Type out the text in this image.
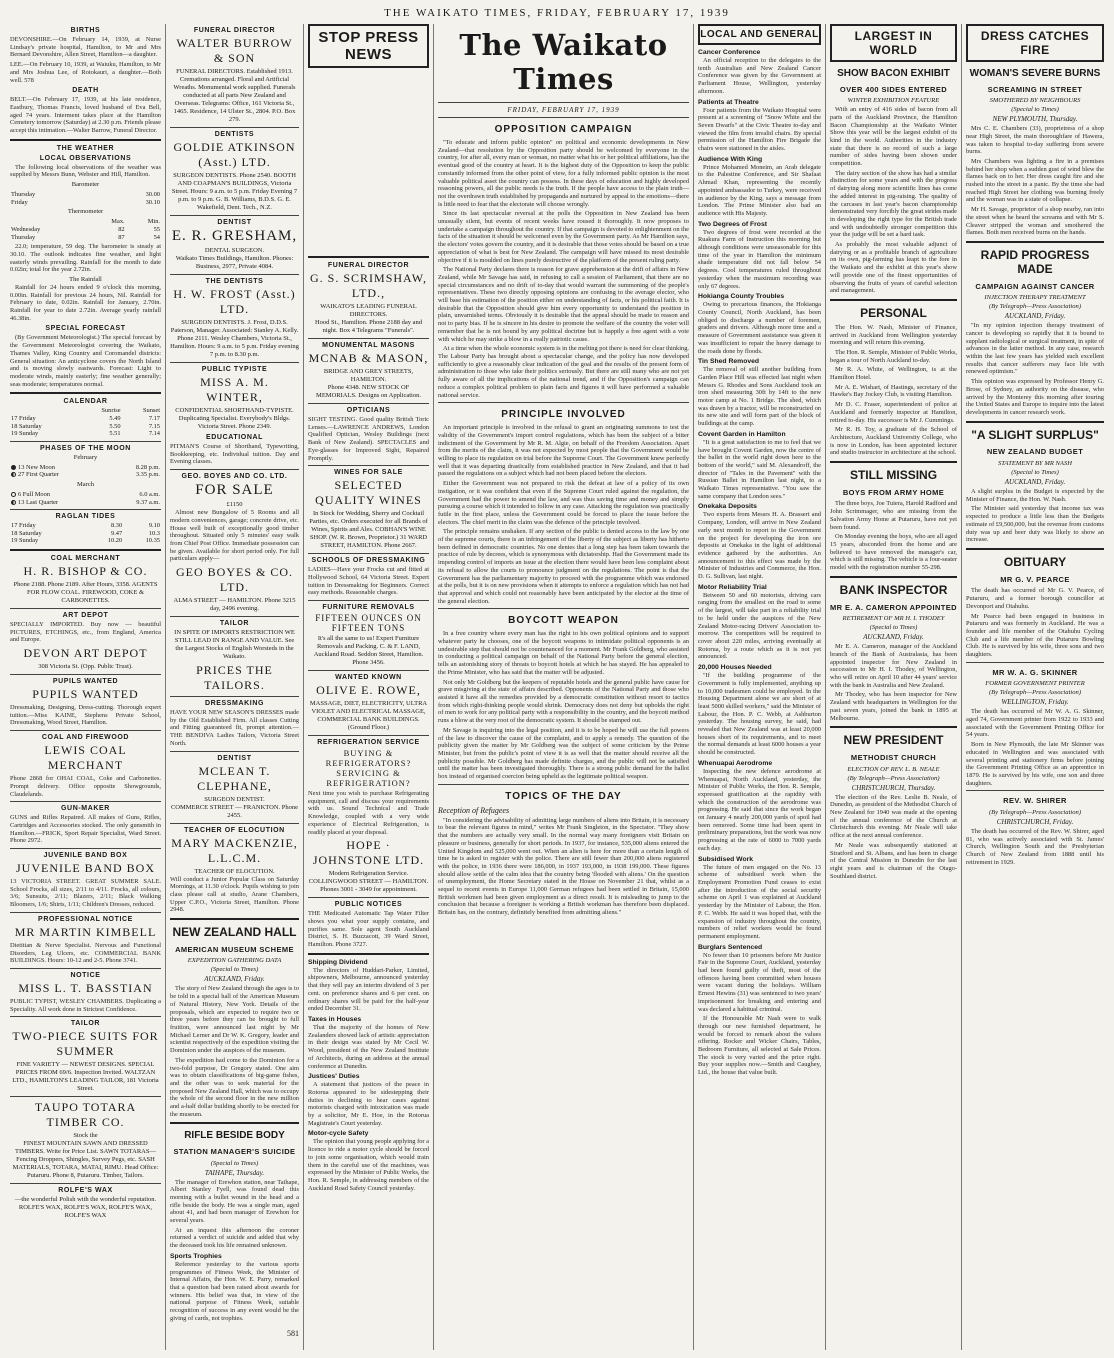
THE WAIKATO TIMES, FRIDAY, FEBRUARY 17, 1939
BIRTHS

DEVONSHIRE.—On February 14, 1939, at Nurse Lindsay's private hospital, Hamilton, to Mr and Mrs Bernard Devonshire, Allen Street, Hamilton—a daughter.

LEE.—On February 10, 1939, at Waiuku, Hamilton, to Mr and Mrs Joshua Lee, of Rotokauri, a daughter.—Both well. 578

DEATH

BELT.—On February 17, 1939, at his late residence, Eastbury, Thomas Francis, loved husband of Eva Bell, aged 74 years. Interment takes place at the Hamilton Cemetery tomorrow (Saturday) at 2.30 p.m. Friends please accept this intimation.—Walter Barrow, Funeral Director.

THE WEATHER
LOCAL OBSERVATIONS

The following local observations of the weather was supplied by Messrs Bunn, Webster and Hill, Hamilton.

Barometer
Thursday	30.00
Friday	30.10
Thermometer
	Max.	Min.
Wednesday	82	55
Thursday	87	54

22.0; temperature, 59 deg. The barometer is steady at 30.10. The outlook indicates fine weather, and light easterly winds prevailing. Rainfall for the month to date 0.02in; total for the year 2.72in.

The Rainfall

Rainfall for 24 hours ended 9 o'clock this morning, 0.00in. Rainfall for previous 24 hours, Nil. Rainfall for February to date, 0.02in. Rainfall for January, 2.70in. Rainfall for year to date 2.72in. Average yearly rainfall 46.38in.

SPECIAL FORECAST

(By Government Meteorologist.) The special forecast by the Government Meteorologist covering the Waikato, Thames Valley, King Country and Coromandel districts: General situation: An anticyclone covers the North Island and is moving slowly eastwards. Forecast: Light to moderate winds, mainly easterly; fine weather generally; seas moderate; temperatures normal.

CALENDAR
	Sunrise	Sunset
17 Friday	5.49	7.17
18 Saturday	5.50	7.15
19 Sunday	5.51	7.14
PHASES OF THE MOON
February
13 New Moon	8.28 p.m.
27 First Quarter	3.35 p.m.
March
6 Full Moon	6.0 a.m.
13 Last Quarter	9.37 a.m.
RAGLAN TIDES
17 Friday	8.30	9.10
18 Saturday	9.47	10.3
19 Sunday	10.20	10.35
COAL MERCHANT
H. R. BISHOP & CO.

Phone 2188. Phone 2189. After Hours, 3358. AGENTS FOR FLOW COAL. FIREWOOD, COKE & CARBONETTES.

ART DEPOT

SPECIALLY IMPORTED. Buy now — beautiful PICTURES, ETCHINGS, etc., from England, America and Europe.

DEVON ART DEPOT
308 Victoria St. (Opp. Public Trust).
PUPILS WANTED
PUPILS WANTED

Dressmaking, Designing, Dress-cutting. Thorough expert tuition.—Miss KAINE, Stephens Private School, Dressmaking, Wood Street, Hamilton.

COAL AND FIREWOOD
LEWIS COAL MERCHANT

Phone 2868 for OHAI COAL, Coke and Carbonettes. Prompt delivery. Office opposite Showgrounds, Claudelands.

GUN-MAKER

GUNS and Rifles Repaired. All makes of Guns, Rifles, Cartridges and Accessories stocked. The only gunsmith in Hamilton.—FRICK, Sport Repair Specialist, Ward Street. Phone 2972.

JUVENILE BAND BOX
JUVENILE BAND BOX

13 VICTORIA STREET. GREAT SUMMER SALE. School Frocks, all sizes, 2/11 to 4/11. Frocks, all colours, 3/6; Sunsuits, 2/11; Blazers, 2/11; Black Walking Bloomers, 1/6; Shirts, 1/11; Children's Dresses, reduced.

PROFESSIONAL NOTICE
MR MARTIN KIMBELL

Dietitian & Nerve Specialist. Nervous and Functional Disorders, Leg Ulcers, etc. COMMERCIAL BANK BUILDINGS. Hours: 10-12 and 2-5. Phone 3741.

NOTICE
MISS L. T. BASSTIAN

PUBLIC TYPIST, WESLEY CHAMBERS. Duplicating a Speciality. All work done in Strictest Confidence.

TAILOR
TWO-PIECE SUITS FOR SUMMER

FINE VARIETY — NEWEST DESIGNS. SPECIAL PRICES FROM 69/6. Inspection Invited. WALTZAN LTD., HAMILTON'S LEADING TAILOR, 181 Victoria Street.

TAUPO TOTARA TIMBER CO.
Stock the

FINEST MOUNTAIN SAWN AND DRESSED TIMBERS. Write for Price List. SAWN TOTARAS—Fencing Droppers, Shingles, Survey Pegs, etc. SASH MATERIALS, TOTARA, MATAI, RIMU. Head Office: Putaruru. Phone 8, Putaruru. Timber, Tailors.

ROLFE'S WAX

—the wonderful Polish with the wonderful reputation. ROLFE'S WAX, ROLFE'S WAX, ROLFE'S WAX, ROLFE'S WAX

FUNERAL DIRECTOR
WALTER BURROW & SON

FUNERAL DIRECTORS. Established 1913. Cremations arranged. Floral and Artificial Wreaths. Monumental work supplied. Funerals conducted at all parts New Zealand and Overseas. Telegrams: Office, 161 Victoria St., 1465. Residence, 14 Ulster St., 2804. P.O. Box 279.

DENTISTS
GOLDIE ATKINSON (Asst.) LTD.

SURGEON DENTISTS. Phone 2540. BOOTH AND COAPMAN'S BUILDINGS, Victoria Street. Hours: 9 a.m. to 5 p.m. Friday Evening 7 p.m. to 9 p.m. G. B. Williams, B.D.S. G. E. Wakefield, Dent. Tech., N.Z.

DENTIST
E. R. GRESHAM,
DENTAL SURGEON.

Waikato Times Buildings, Hamilton. Phones: Business, 2977, Private 4084.

THE DENTISTS
H. W. FROST (Asst.) LTD.

SURGEON DENTISTS. J. Frost, D.D.S. Paterson, Manager. Associated: Stanley A. Kelly. Phone 2111. Wesley Chambers, Victoria St., Hamilton. Hours: 9 a.m. to 5 p.m. Friday evening 7 p.m. to 8.30 p.m.

PUBLIC TYPISTE
MISS A. M. WINTER,

CONFIDENTIAL SHORTHAND-TYPISTE. Duplicating Specialist. Everybody's Bldgs. Victoria Street. Phone 2349.

EDUCATIONAL

PITMAN'S Course of Shorthand, Typewriting, Bookkeeping, etc. Individual tuition. Day and Evening classes.

GEO. BOYES AND CO. LTD.
FOR SALE
£1150

Almost new Bungalow of 5 Rooms and all modern conveniences, garage; concrete drive, etc. House well built of exceptionally good timber throughout. Situated only 5 minutes' easy walk from Chief Post Office. Immediate possession can be given. Available for short period only. For full particulars apply—

GEO BOYES & CO. LTD.

ALMA STREET — HAMILTON. Phone 3215 day, 2496 evening.

TAILOR

IN SPITE OF IMPORTS RESTRICTION WE STILL LEAD IN RANGE AND VALUE. See the Largest Stocks of English Worsteds in the Waikato.

PRICES THE TAILORS.
DRESSMAKING

HAVE YOUR NEW SEASON'S DRESSES made by the Old Established Firm. All classes Cutting and Fitting guaranteed fit, prompt attention.—THE BENDIVA Ladies Tailors, Victoria Street North.

DENTIST
MCLEAN T. CLEPHANE,
SURGEON DENTIST.

COMMERCE STREET — FRANKTON. Phone 2455.

TEACHER OF ELOCUTION
MARY MACKENZIE, L.L.C.M.
TEACHER OF ELOCUTION.

Will conduct a Junior Popular Class on Saturday Mornings, at 11.30 o'clock. Pupils wishing to join class please call at studio, Arane Chambers, Upper C.P.O., Victoria Street, Hamilton. Phone 2948.

NEW ZEALAND HALL
AMERICAN MUSEUM SCHEME
EXPEDITION GATHERING DATA
(Special to Times)
AUCKLAND, Friday.

The story of New Zealand through the ages is to be told in a special hall of the American Museum of Natural History, New York. Details of the proposals, which are expected to require two or three years before they can be brought to full fruition, were announced last night by Mr Michael Lerner and Dr W. K. Gregory, leader and scientist respectively of the expedition visiting the Dominion under the auspices of the museum.

The expedition had come to the Dominion for a two-fold purpose, Dr Gregory stated. One aim was to obtain classifications of big-game fishes, and the other was to seek material for the proposed New Zealand Hall, which was to occupy the whole of the second floor in the new million and a-half dollar building shortly to be erected for the museum.

RIFLE BESIDE BODY
STATION MANAGER'S SUICIDE
(Special to Times)
TAIHAPE, Thursday.

The manager of Erewhon station, near Taihape, Albert Stanley Fyell, was found dead this morning with a bullet wound in the head and a rifle beside the body. He was a single man, aged about 41, and had been manager of Erewhon for several years.

At an inquest this afternoon the coroner returned a verdict of suicide and added that why the deceased took his life remained unknown.

Sports Trophies

Reference yesterday to the various sports programmes of Fitness Week, the Minister of Internal Affairs, the Hon. W. E. Parry, remarked that a question had been raised about awards for winners. His belief was that, in view of the national purpose of Fitness Week, suitable recognition of success in any event would be the giving of cards, not trophies.

581
STOP PRESS NEWS
FUNERAL DIRECTOR
G. S. SCRIMSHAW, LTD.,
WAIKATO'S LEADING FUNERAL DIRECTORS.

Hood St., Hamilton. Phone 2188 day and night. Box 4 Telegrams "Funerals".

MONUMENTAL MASONS
MCNAB & MASON,
BRIDGE AND GREY STREETS, HAMILTON.

Phone 4348. NEW STOCK OF MEMORIALS. Designs on Application.

OPTICIANS

SIGHT TESTING. Good quality British Toric Lenses.—LAWRENCE ANDREWS, London Qualified Optician, Wesley Buildings (next Bank of New Zealand). SPECTACLES and Eye-glasses for Improved Sight, Repaired Promptly.

WINES FOR SALE
SELECTED QUALITY WINES

In Stock for Wedding, Sherry and Cocktail Parties, etc. Orders executed for all Brands of Wines, Spirits and Ales. COBHAN'S WINE SHOP. (W. R. Brown, Proprietor.) 31 WARD STREET, HAMILTON. Phone 2667.

SCHOOLS OF DRESSMAKING

LADIES—Have your Frocks cut and fitted at Hollywood School, 64 Victoria Street. Expert tuition in Dressmaking for Beginners. Correct easy methods. Reasonable charges.

FURNITURE REMOVALS
FIFTEEN OUNCES ON FIFTEEN TONS

It's all the same to us! Expert Furniture Removals and Packing. C. & F. LAND, Auckland Road. Seddon Street, Hamilton. Phone 3456.

WANTED KNOWN
OLIVE E. ROWE,

MASSAGE, DIET, ELECTRICITY, ULTRA VIOLET AND ELECTRICAL MASSAGE, COMMERCIAL BANK BUILDINGS. (Ground Floor.)

REFRIGERATION SERVICE
BUYING & REFRIGERATORS? SERVICING & REFRIGERATION?

Next time you wish to purchase Refrigerating equipment, call and discuss your requirements with us. Sound Technical and Trade Knowledge, coupled with a very wide experience of Electrical Refrigeration, is readily placed at your disposal.

HOPE · JOHNSTONE LTD.

Modern Refrigeration Service. COLLINGWOOD STREET — HAMILTON. Phones 3001 - 3049 for appointment.

PUBLIC NOTICES

THE Medicated Automatic Tap Water Filter shows you what your supply contains, and purifies same. Sole agent South Auckland District, S. H. Buzzacott, 39 Ward Street, Hamilton. Phone 3727.

Shipping Dividend

The directors of Huddart-Parker, Limited, shipowners, Melbourne, announced yesterday that they will pay an interim dividend of 3 per cent. on preference shares and 6 per cent. on ordinary shares will be paid for the half-year ended December 31.

Taxes in Houses

That the majority of the homes of New Zealanders showed lack of artistic appreciation in their design was stated by Mr Cecil W. Wood, president of the New Zealand Institute of Architects, during an address at the annual conference at Dunedin.

Justices' Duties

A statement that justices of the peace in Rotorua appeared to be sidestepping their duties in declining to hear cases against motorists charged with intoxication was made by a solicitor, Mr E. Hoe, in the Rotorua Magistrate's Court yesterday.

Motor-cycle Safety

The opinion that young people applying for a licence to ride a motor cycle should be forced to join some organisation, which would train them in the careful use of the machines, was expressed by the Minister of Public Works, the Hon. R. Semple, in addressing members of the Auckland Road Safety Council yesterday.

The Waikato Times
FRIDAY, FEBRUARY 17, 1939
OPPOSITION CAMPAIGN

"To educate and inform public opinion" on political and economic developments in New Zealand—that resolution by the Opposition party should be welcomed by everyone in the country, for after all, every man or woman, no matter what his or her political affiliations, has the eventual good of the country at heart. It is the highest duty of the Opposition to keep the public constantly informed from the other point of view, for a fully informed public opinion is the most valuable political asset the country can possess. In these days of education and highly developed reasoning powers, all the public needs is the truth. If the people have access to the plain truth—not the overdrawn truth established by propaganda and nurtured by appeal to the emotions—there is little need to fear that the electorate will choose wrongly.

Since its last spectacular reversal at the polls the Opposition in New Zealand has been unusually silent, but events of recent weeks have roused it thoroughly. It now proposes to undertake a campaign throughout the country. If that campaign is devoted to enlightenment on the facts of the situation it should be welcomed even by the Government party. As Mr Hamilton says, the electors' votes govern the country, and it is desirable that those votes should be based on a true appreciation of what is best for New Zealand. The campaign will have missed its most desirable objective if it is moulded on lines purely destructive of the platform of the present ruling party.

The National Party declares there is reason for grave apprehension at the drift of affairs in New Zealand, while Mr Savage has said, in refusing to call a session of Parliament, that there are no special circumstances and no drift of to-day that would warrant the summoning of the people's representatives. These two directly opposing opinions are confusing to the average elector, who will base his estimation of the position either on understanding of facts, or his political faith. It is desirable that the Opposition should give him every opportunity to understand the position in plain, unvarnished terms. Obviously it is desirable that the appeal should be made to reason and not to party bias. If he is sincere in his desire to promote the welfare of the country the voter will remember that he is not bound by any political doctrine but is happily a free agent with a vote with which he may strike a blow in a really patriotic cause.

At a time when the whole economic system is in the melting pot there is need for clear thinking. The Labour Party has brought about a spectacular change, and the policy has now developed sufficiently to give a reasonably clear indication of the goal and the results of the present form of administration to those who take their politics seriously. But there are still many who are not yet fully aware of all the implications of the national trend, and if the Opposition's campaign can reduce a complex political problem to plain facts and figures it will have performed a valuable national service.

PRINCIPLE INVOLVED

An important principle is involved in the refusal to grant an originating summons to test the validity of the Government's import control regulations, which has been the subject of a bitter indictment of the Government by Mr R. M. Algie, on behalf of the Freedom Association. Apart from the merits of the claim, it was not expected by most people that the Government would be willing to place its regulation on trial before the Supreme Court. The Government knew perfectly well that it was departing drastically from established practice in New Zealand, and that it had passed the regulations on a subject which had not been placed before the electors.

Either the Government was not prepared to risk the defeat at law of a policy of its own instigation, or it was confident that even if the Supreme Court ruled against the regulation, the Government had the power to amend the law, and was thus saving time and money and simply pursuing a course which it intended to follow in any case. Attacking the regulation was practically futile in the first place, unless the Government could be forced to place the issue before the electors. The chief merit in the claim was the defence of the principle involved.

The principle remains unshaken. If any section of the public is denied access to the law by one of the supreme courts, there is an infringement of the liberty of the subject as liberty has hitherto been defined in democratic countries. No one denies that a long step has been taken towards the practice of rule by decrees, which is synonymous with dictatorship. Had the Government made its impending control of imports an issue at the election there would have been less complaint about its refusal to allow the courts to pronounce judgment on the regulations. The point is that the Government has the parliamentary majority to proceed with the programme which was endorsed at the polls, but it is on new provisions when it attempts to enforce a regulation which has not had that approval and which could not reasonably have been anticipated by the elector at the time of the general election.

BOYCOTT WEAPON

In a free country where every man has the right to his own political opinions and to support whatever party he chooses, one of the boycott weapons to intimidate political opponents is an undesirable step that should not be countenanced for a moment. Mr Frank Goldberg, who assisted in conducting a political campaign on behalf of the National Party before the general election, tells an astonishing story of threats to boycott hotels at which he has stayed. He has appealed to the Prime Minister, who has said that the matter will be adjusted.

Not only Mr Goldberg but the keepers of reputable hotels and the general public have cause for grave misgiving at the state of affairs described. Opponents of the National Party and those who assisted it have all the remedies provided by a democratic constitution without resort to tactics from which right-thinking people would shrink. Democracy does not deny but upholds the right of men to work for any political party with a responsibility in the country, and the boycott method runs a blow at the very root of the democratic system. It should be stamped out.

Mr Savage is inquiring into the legal position, and it is to be hoped he will use the full powers of the law to discover the cause of the complaint, and to apply a remedy. The question of the publicity given the matter by Mr Goldberg was the subject of some criticism by the Prime Minister, but from the public's point of view it is as well that the matter should receive all the publicity possible. Mr Goldberg has made definite charges, and the public will not be satisfied until the matter has been investigated thoroughly. There is a strong public demand for the ballot box instead of organised coercion being upheld as the legitimate political weapon.

TOPICS OF THE DAY
Reception of Refugees

"In considering the advisability of admitting large numbers of aliens into Britain, it is necessary to bear the relevant figures in mind," writes Mr Frank Singleton, in the Spectator. "They show that the numbers are actually very small. In the normal way many foreigners visit Britain on pleasure or business, generally for short periods. In 1937, for instance, 535,000 aliens entered the United Kingdom and 525,000 went out. When an alien is here for more than a certain length of time he is asked to register with the police. There are still fewer than 200,000 aliens registered with the police, in 1936 there were 186,000, in 1937 193,000, in 1938 199,000. These figures should allow settle of the calm idea that the country being 'flooded with aliens.' On the question of unemployment, the Home Secretary stated in the House on November 21 that, whilst as a sequel to recent events in Europe 11,000 German refugees had been settled in Britain, 15,000 British workmen had been given employment as a direct result. It is misleading to jump to the conclusion that because a foreigner is working a British workman has therefore been displaced. Britain has, on the contrary, definitely benefited from admitting aliens."

LOCAL AND GENERAL
Cancer Conference

An official reception to the delegates to the tenth Australian and New Zealand Cancer Conference was given by the Government at Parliament House, Wellington, yesterday afternoon.

Patients at Theatre

Four patients from the Waikato Hospital were present at a screening of "Snow White and the Seven Dwarfs" at the Civic Theatre to-day and viewed the film from invalid chairs. By special permission of the Hamilton Fire Brigade the chairs were stationed in the aisles.

Audience With King

Prince Mohamed Moneim, an Arab delegate to the Palestine Conference, and Sir Shafaat Ahmad Khan, representing the recently appointed ambassador to Turkey, were received in audience by the King, says a message from London. The Prime Minister also had an audience with His Majesty.

Two Degrees of Frost

Two degrees of frost were recorded at the Ruakura Farm of Instruction this morning but although conditions were unseasonable for this time of the year in Hamilton the minimum shade temperature did not fall below 54 degrees. Cool temperatures ruled throughout yesterday when the maximum recording was only 67 degrees.

Hokianga County Troubles

Owing to precarious finances, the Hokianga County Council, North Auckland, has been obliged to discharge a number of foremen, graders and drivers. Although more time and a measure of Government assistance was given it was insufficient to repair the heavy damage to the roads done by floods.

Tin Shed Removed

The removal of still another building from Garden Place Hill was effected last night when Messrs G. Rhodes and Sons Auckland took an iron shed measuring 30ft by 14ft to the new motor camp at No. 1 Bridge. The shed, which was drawn by a tractor, will be reconstructed on its new site and will form part of the block of buildings at the camp.

Covent Garden in Hamilton

"It is a great satisfaction to me to feel that we have brought Covent Garden, now the centre of the ballet in the world right down here to the bottom of the world," said M. Alexandroff, the director of "Tales in the Pavement" with the Russian Ballet in Hamilton last night, to a Waikato Times representative. "You saw the same company that London sees."

Onekaka Deposits

Two experts from Messrs H. A. Brassert and Company, London, will arrive in New Zealand early next month to report to the Government on the project for developing the iron ore deposits at Onekaka in the light of additional evidence gathered by the authorities. An announcement to this effect was made by the Minister of Industries and Commerce, the Hon. D. G. Sullivan, last night.

Motor Reliability Trial

Between 50 and 60 motorists, driving cars ranging from the smallest on the road to some of the largest, will take part in a reliability trial to be held under the auspices of the New Zealand Motor-racing Drivers' Association to-morrow. The competitors will be required to cover about 220 miles, arriving eventually at Rotorua, by a route which as it is not yet announced.

20,000 Houses Needed

"If the building programme of the Government is fully implemented, anything up to 10,000 tradesmen could be employed. In the Housing Department alone we are short of at least 5000 skilled workers," said the Minister of Labour, the Hon. P. C. Webb, at Ashburton yesterday. The housing survey, he said, had revealed that New Zealand was at least 20,000 houses short of its requirements, and to meet the normal demands at least 6000 houses a year should be constructed.

Whenuapai Aerodrome

Inspecting the new defence aerodrome at Whenuapai, North Auckland, yesterday, the Minister of Public Works, the Hon. R. Semple, expressed gratification at the rapidity with which the construction of the aerodrome was progressing. He said that since the work began on January 4 nearly 200,000 yards of spoil had been removed. Some time had been spent in preliminary preparations, but the work was now progressing at the rate of 6000 to 7000 yards each day.

Subsidised Work

The future of men engaged on the No. 13 scheme of subsidised work when the Employment Promotion Fund ceases to exist after the introduction of the social security scheme on April 1 was explained at Auckland yesterday by the Minister of Labour, the Hon. P. C. Webb. He said it was hoped that, with the expansion of industry throughout the country, numbers of relief workers would be found permanent employment.

Burglars Sentenced

No fewer than 10 prisoners before Mr Justice Fair in the Supreme Court, Auckland, yesterday had been found guilty of theft, most of the offences having been committed when houses were vacant during the holidays. William Ernest Hewins (31) was sentenced to two years' imprisonment for breaking and entering and was declared a habitual criminal.

If the Honourable Mr Nash were to walk through our new furnished department, he would be forced to remark about the values offering. Rocker and Wicker Chairs, Tables, Bedroom Furniture, all selected at Sale Prices. The stock is very varied and the price right. Buy your supplies now.—Smith and Caughey, Ltd., the house that value built.

LARGEST IN WORLD
SHOW BACON EXHIBIT
OVER 400 SIDES ENTERED
WINTER EXHIBITION FEATURE

With an entry of 416 sides of bacon from all parts of the Auckland Province, the Hamilton Bacon Championship at the Waikato Winter Show this year will be the largest exhibit of its kind in the world. Authorities in the industry state that there is no record of such a large number of sides having been shown under competition.

The dairy section of the show has had a similar distinction for some years and with the progress of dairying along more scientific lines has come the added interest in pig-raising. The quality of the carcases in last year's bacon championship demonstrated very forcibly the great strides made in developing the right type for the British trade and with undoubtedly stronger competition this year the judge will be set a hard task.

As probably the most valuable adjunct of dairying or as a profitable branch of agriculture on its own, pig-farming has leapt to the fore in the Waikato and the exhibit at this year's show will provide one of the finest opportunities of observing the fruits of years of careful selection and management.

PERSONAL

The Hon. W. Nash, Minister of Finance, arrived in Auckland from Wellington yesterday morning and will return this evening.

The Hon. R. Semple, Minister of Public Works, began a tour of North Auckland to-day.

Mr R. A. White, of Wellington, is at the Hamilton Hotel.

Mr A. E. Wishart, of Hastings, secretary of the Hawke's Bay Jockey Club, is visiting Hamilton.

Mr D. C. Fraser, superintendent of police at Auckland and formerly inspector at Hamilton, retired to-day. His successor is Mr J. Cummings.

Mr R. H. Toy, a graduate of the School of Architecture, Auckland University College, who is now in London, has been appointed lecturer and studio instructor in architecture at the school.

STILL MISSING
BOYS FROM ARMY HOME

The three boys, Joe Tuiera, Harold Radford and John Scrimmager, who are missing from the Salvation Army Home at Putaruru, have not yet been found.

On Monday evening the boys, who are all aged 15 years, absconded from the home and are believed to have removed the manager's car, which is still missing. The vehicle is a four-seater model with the registration number 55-298.

BANK INSPECTOR
MR E. A. CAMERON APPOINTED
RETIREMENT OF MR H. I. THODEY
(Special to Times)
AUCKLAND, Friday.

Mr E. A. Cameron, manager of the Auckland branch of the Bank of Australasia, has been appointed inspector for New Zealand in succession to Mr H. I. Thodey, of Wellington, who will retire on April 10 after 44 years' service with the bank in Australia and New Zealand.

Mr Thodey, who has been inspector for New Zealand with headquarters in Wellington for the past seven years, joined the bank in 1895 at Melbourne.

NEW PRESIDENT
METHODIST CHURCH
ELECTION OF REV. L. B. NEALE
(By Telegraph—Press Association)
CHRISTCHURCH, Thursday.

The election of the Rev. Leslie B. Neale, of Dunedin, as president of the Methodist Church of New Zealand for 1940 was made at the opening of the annual conference of the Church at Christchurch this evening. Mr Neale will take office at the next annual conference.

Mr Neale was subsequently stationed at Stratford and St. Albans, and has been in charge of the Central Mission in Dunedin for the last eight years and is chairman of the Otago-Southland district.

DRESS CATCHES FIRE
WOMAN'S SEVERE BURNS
SCREAMING IN STREET
SMOTHERED BY NEIGHBOURS
(Special to Times)
NEW PLYMOUTH, Thursday.

Mrs C. E. Chambers (33), proprietress of a shop near High Street, the main thoroughfare of Hawera, was taken to hospital to-day suffering from severe burns.

Mrs Chambers was lighting a fire in a premises behind her shop when a sudden gust of wind blew the flames back on to her. Her dress caught fire and she rushed into the street in a panic. By the time she had reached High Street her clothing was burning freely and the woman was in a state of collapse.

Mr H. Savage, proprietor of a shop nearby, ran into the street when he heard the screams and with Mr S. Cleaver stripped the woman and smothered the flames. Both men received burns on the hands.

RAPID PROGRESS MADE
CAMPAIGN AGAINST CANCER
INJECTION THERAPY TREATMENT
(By Telegraph—Press Association)
AUCKLAND, Friday.

"In my opinion injection therapy treatment of cancer is developing so rapidly that it is bound to supplant radiological or surgical treatment, in spite of advances in the latter method. In any case, research within the last few years has yielded such excellent results that cancer sufferers may face life with renewed optimism."

This opinion was expressed by Professor Henry G. Brose, of Sydney, an authority on the disease, who arrived by the Monterey this morning after touring the United States and Europe to inquire into the latest developments in cancer research work.

"A SLIGHT SURPLUS"
NEW ZEALAND BUDGET
STATEMENT BY MR NASH
(Special to Times)
AUCKLAND, Friday.

A slight surplus in the Budget is expected by the Minister of Finance, the Hon. W. Nash.

The Minister said yesterday that income tax was expected to produce a little less than the Budgets estimate of £9,500,000, but the revenue from customs duty was up and beer duty was likely to show an increase.

OBITUARY
MR G. V. PEARCE

The death has occurred of Mr G. V. Pearce, of Putaruru, and a former borough councillor at Devonport and Otahuhu.

Mr Pearce had been engaged in business in Putaruru and was formerly in Auckland. He was a founder and life member of the Otahuhu Cycling Club and a life member of the Putaruru Bowling Club. He is survived by his wife, three sons and two daughters.

MR W. A. G. SKINNER
FORMER GOVERNMENT PRINTER
(By Telegraph—Press Association)
WELLINGTON, Friday.

The death has occurred of Mr W. A. G. Skinner, aged 74, Government printer from 1922 to 1933 and associated with the Government Printing Office for 54 years.

Born in New Plymouth, the late Mr Skinner was educated in Wellington and was associated with several printing and stationery firms before joining the Government Printing Office as an apprentice in 1879. He is survived by his wife, one son and three daughters.

REV. W. SHIRER
(By Telegraph—Press Association)
CHRISTCHURCH, Friday.

The death has occurred of the Rev. W. Shirer, aged 81, who was actively associated with St. James' Church, Wellington South and the Presbyterian Church of New Zealand from 1888 until his retirement in 1929.
